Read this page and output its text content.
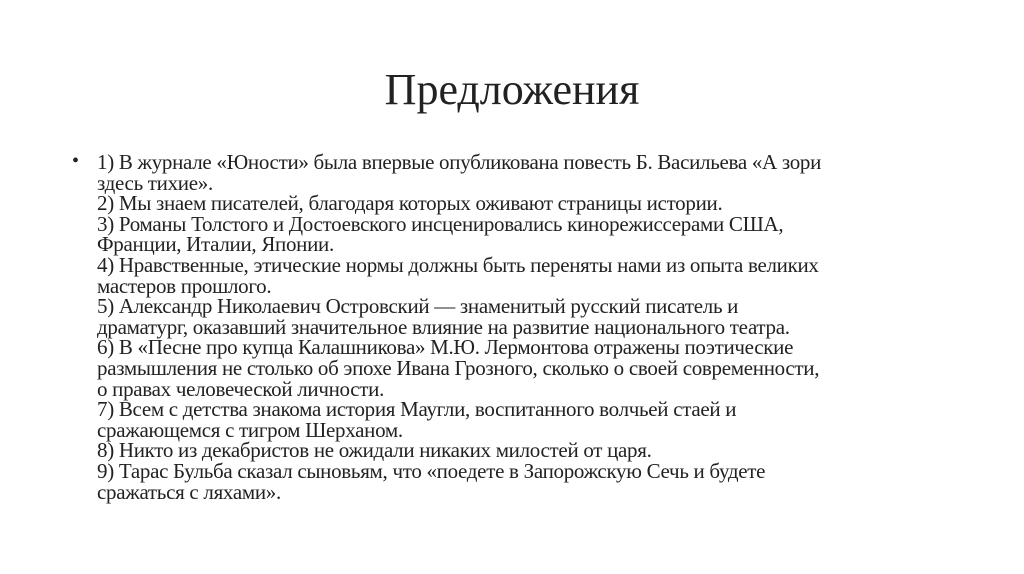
Предложения
• 1) В журнале «Юности» была впервые опубликована повесть Б. Васильева «А зори
здесь тихие».
2) Мы знаем писателей, благодаря которых оживают страницы истории.
3) Романы Толстого и Достоевского инсценировались кинорежиссерами США,
Франции, Италии, Японии.
4) Нравственные, этические нормы должны быть переняты нами из опыта великих
мастеров прошлого.
5) Александр Николаевич Островский — знаменитый русский писатель и
драматург, оказавший значительное влияние на развитие национального театра.
6) В «Песне про купца Калашникова» М.Ю. Лермонтова отражены поэтические
размышления не столько об эпохе Ивана Грозного, сколько о своей современности,
о правах человеческой личности.
7) Всем с детства знакома история Маугли, воспитанного волчьей стаей и
сражающемся с тигром Шерханом.
8) Никто из декабристов не ожидали никаких милостей от царя.
9) Тарас Бульба сказал сыновьям, что «поедете в Запорожскую Сечь и будете
сражаться с ляхами».
